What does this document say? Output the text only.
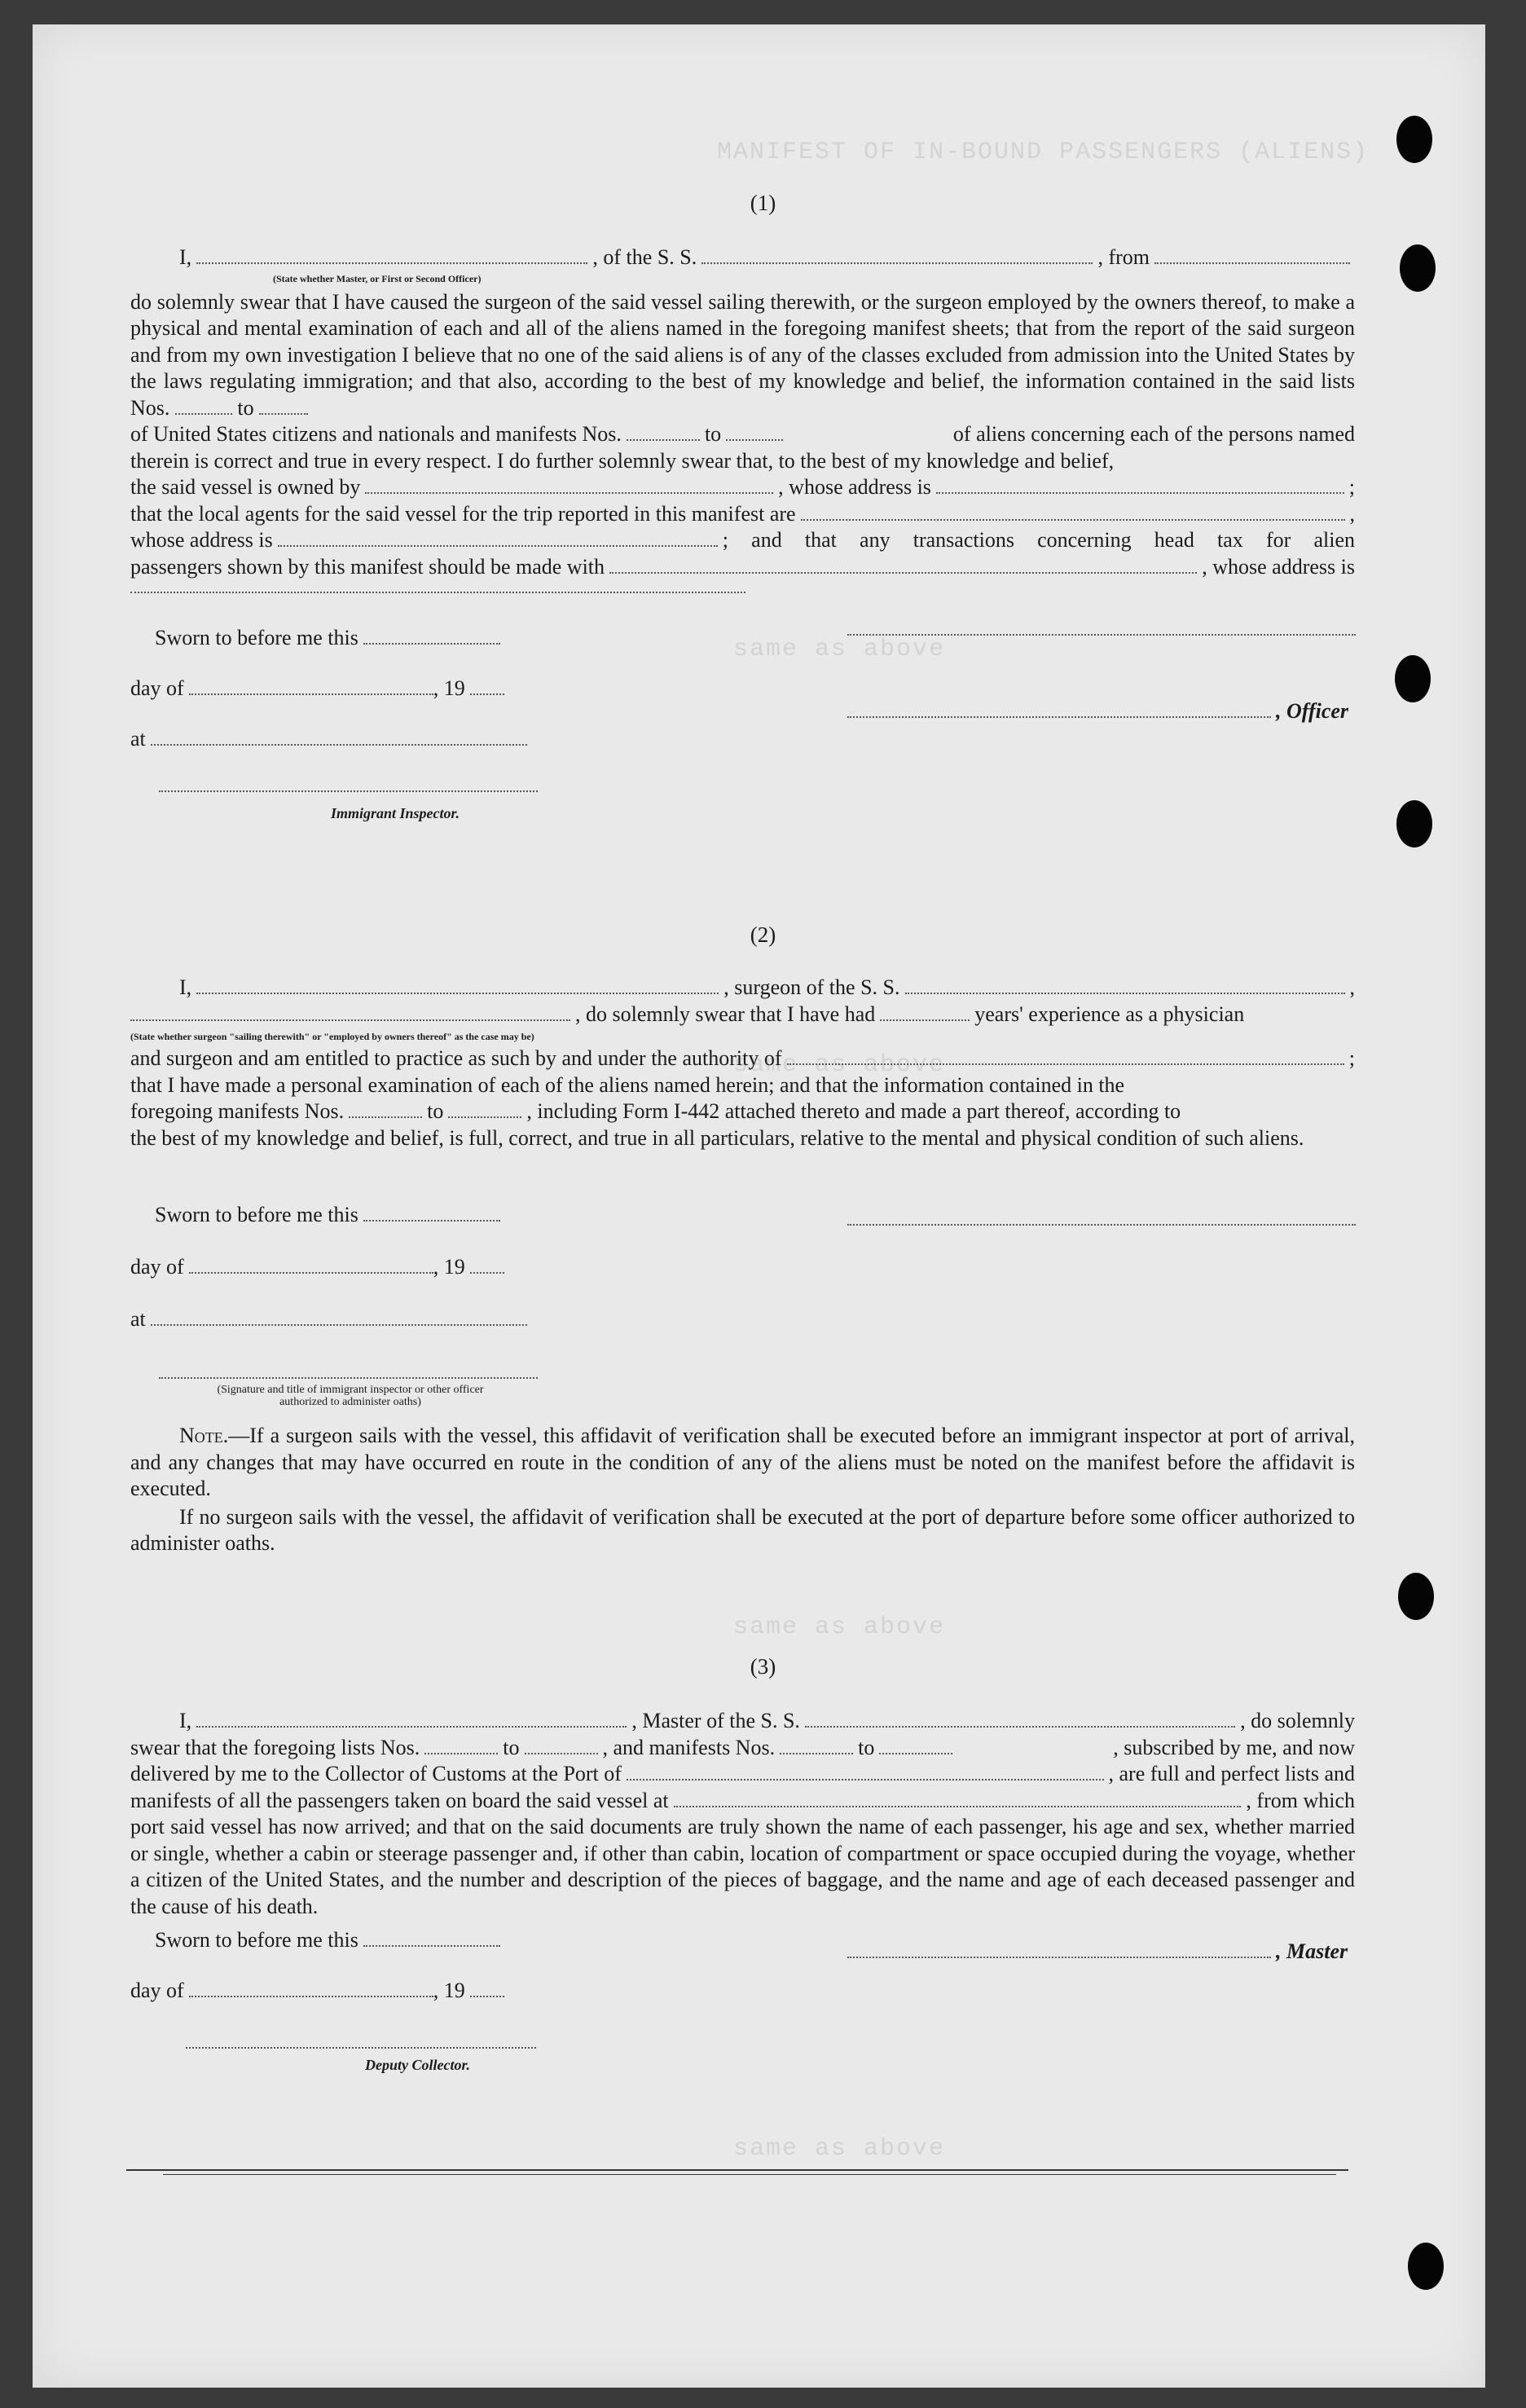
MANIFEST OF IN-BOUND PASSENGERS (ALIENS)
same as above
same as above
same as above
same as above
(1)
I,	, of the S. S.	, from
(State whether Master, or First or Second Officer)
do solemnly swear that I have caused the surgeon of the said vessel sailing therewith, or the surgeon employed by the owners thereof, to make a physical and mental examination of each and all of the aliens named in the foregoing manifest sheets; that from the report of the said surgeon and from my own investigation I believe that no one of the said aliens is of any of the classes excluded from admission into the United States by the laws regulating immigration; and that also, according to the best of my knowledge and belief, the information contained in the said lists Nos.	to
of United States citizens and nationals and manifests Nos.	to	of aliens concerning each of the persons named
therein is correct and true in every respect. I do further solemnly swear that, to the best of my knowledge and belief,
the said vessel is owned by	, whose address is	;
that the local agents for the said vessel for the trip reported in this manifest are	,
whose address is	; and that any transactions concerning head tax for alien
passengers shown by this manifest should be made with	, whose address is
Sworn to before me this
day of	, 19
at
Immigrant Inspector.
, Officer
(2)
I,	, surgeon of the S. S.	,
, do solemnly swear that I have had	years' experience as a physician
(State whether surgeon "sailing therewith" or "employed by owners thereof" as the case may be)
and surgeon and am entitled to practice as such by and under the authority of	;
that I have made a personal examination of each of the aliens named herein; and that the information contained in the
foregoing manifests Nos.	to	, including Form I-442 attached thereto and made a part thereof, according to
the best of my knowledge and belief, is full, correct, and true in all particulars, relative to the mental and physical condition of such aliens.
Sworn to before me this
day of	, 19
at
(Signature and title of immigrant inspector or other officer authorized to administer oaths)

Note.—If a surgeon sails with the vessel, this affidavit of verification shall be executed before an immigrant inspector at port of arrival, and any changes that may have occurred en route in the condition of any of the aliens must be noted on the manifest before the affidavit is executed.

If no surgeon sails with the vessel, the affidavit of verification shall be executed at the port of departure before some officer authorized to administer oaths.

(3)
I,	, Master of the S. S.	, do solemnly
swear that the foregoing lists Nos.	to	, and manifests Nos.	to	, subscribed by me, and now
delivered by me to the Collector of Customs at the Port of	, are full and perfect lists and
manifests of all the passengers taken on board the said vessel at	, from which
port said vessel has now arrived; and that on the said documents are truly shown the name of each passenger, his age and sex, whether married or single, whether a cabin or steerage passenger and, if other than cabin, location of compartment or space occupied during the voyage, whether a citizen of the United States, and the number and description of the pieces of baggage, and the name and age of each deceased passenger and the cause of his death.
Sworn to before me this
day of	, 19
Deputy Collector.
, Master
